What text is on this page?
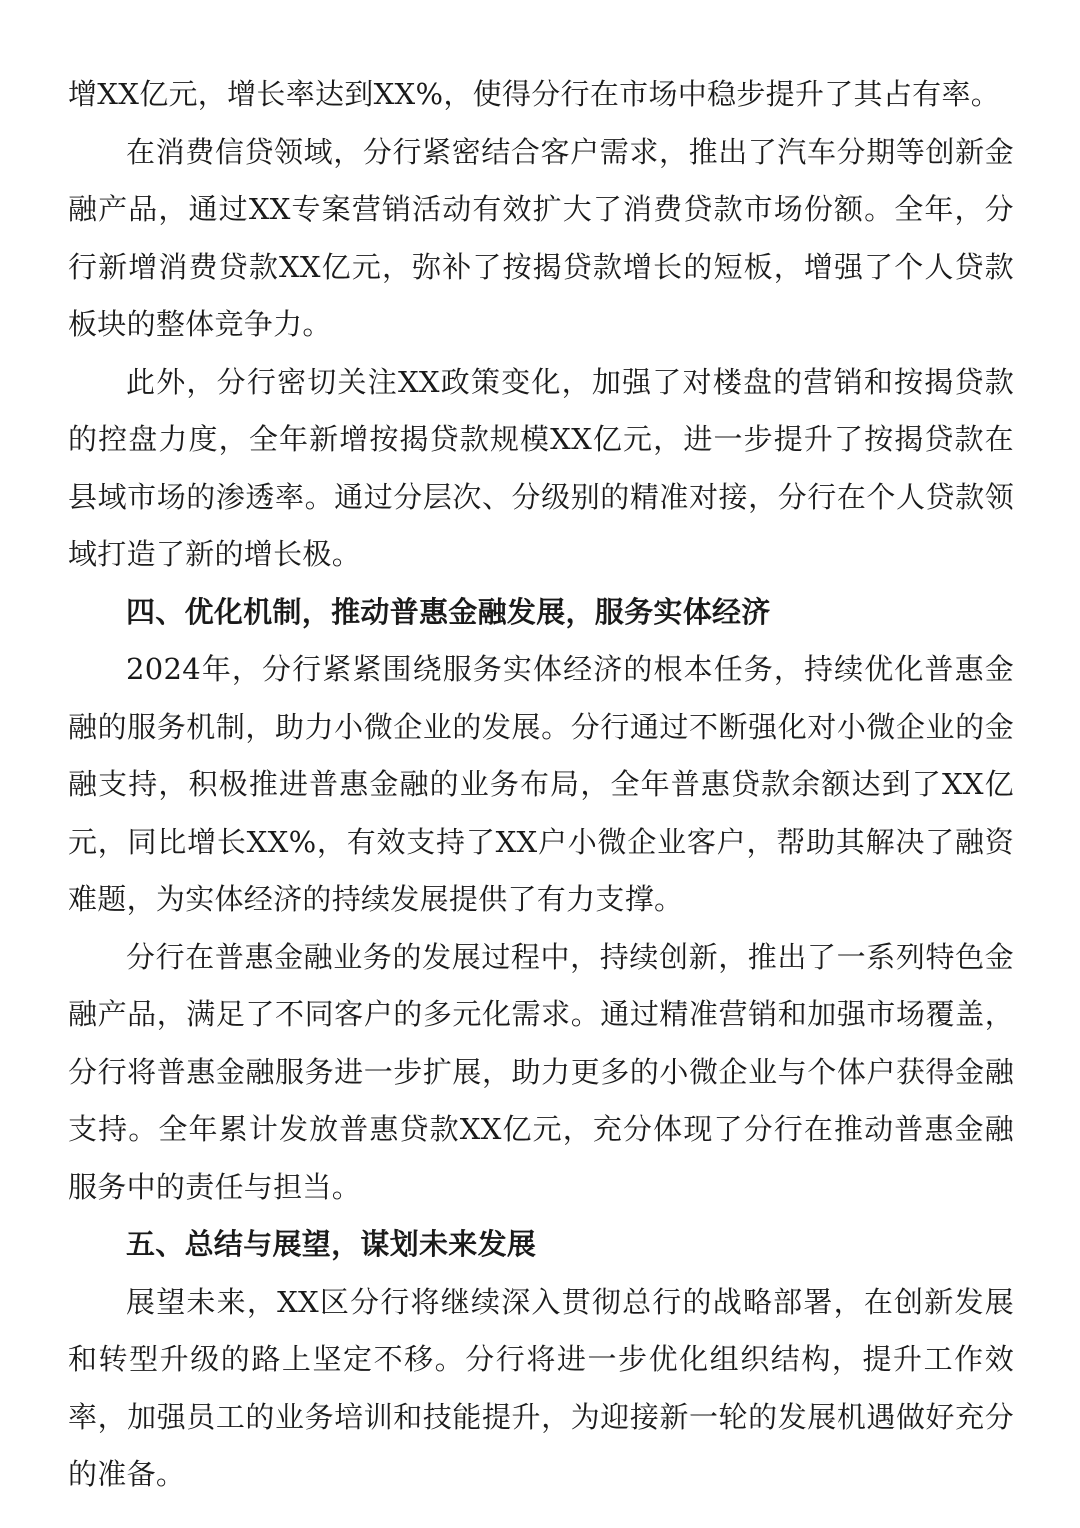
增XX亿元，增长率达到XX%，使得分行在市场中稳步提升了其占有率。

在消费信贷领域，分行紧密结合客户需求，推出了汽车分期等创新金融产品，通过XX专案营销活动有效扩大了消费贷款市场份额。全年，分行新增消费贷款XX亿元，弥补了按揭贷款增长的短板，增强了个人贷款板块的整体竞争力。

此外，分行密切关注XX政策变化，加强了对楼盘的营销和按揭贷款的控盘力度，全年新增按揭贷款规模XX亿元，进一步提升了按揭贷款在县域市场的渗透率。通过分层次、分级别的精准对接，分行在个人贷款领域打造了新的增长极。

四、优化机制，推动普惠金融发展，服务实体经济

2024年，分行紧紧围绕服务实体经济的根本任务，持续优化普惠金融的服务机制，助力小微企业的发展。分行通过不断强化对小微企业的金融支持，积极推进普惠金融的业务布局，全年普惠贷款余额达到了XX亿元，同比增长XX%，有效支持了XX户小微企业客户，帮助其解决了融资难题，为实体经济的持续发展提供了有力支撑。

分行在普惠金融业务的发展过程中，持续创新，推出了一系列特色金融产品，满足了不同客户的多元化需求。通过精准营销和加强市场覆盖，分行将普惠金融服务进一步扩展，助力更多的小微企业与个体户获得金融支持。全年累计发放普惠贷款XX亿元，充分体现了分行在推动普惠金融服务中的责任与担当。

五、总结与展望，谋划未来发展

展望未来，XX区分行将继续深入贯彻总行的战略部署，在创新发展和转型升级的路上坚定不移。分行将进一步优化组织结构，提升工作效率，加强员工的业务培训和技能提升，为迎接新一轮的发展机遇做好充分的准备。
